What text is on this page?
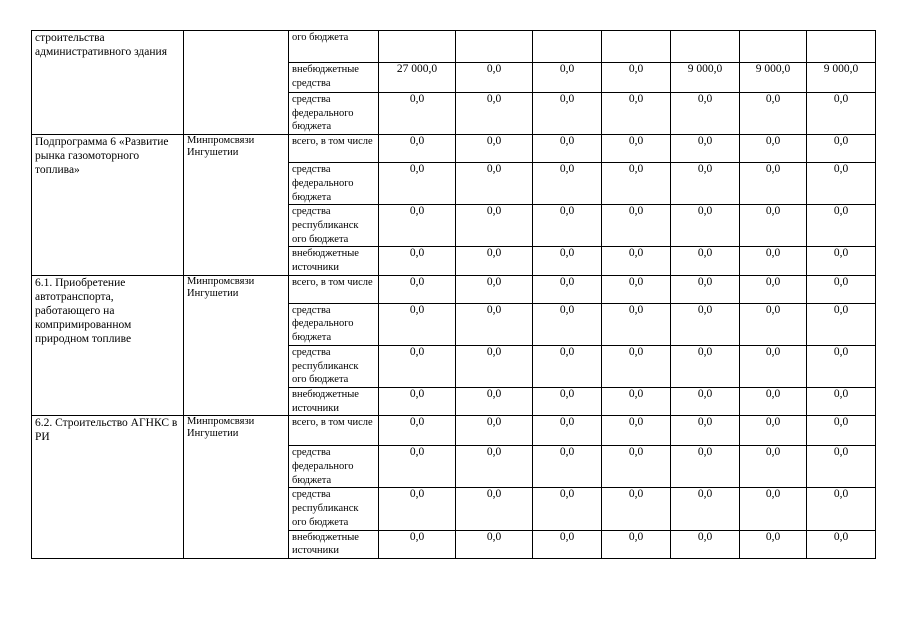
строительства административного здания		ого бюджета							
		внебюджетные средства	27 000,0	0,0	0,0	0,0	9 000,0	9 000,0	9 000,0
		средства федерального бюджета	0,0	0,0	0,0	0,0	0,0	0,0	0,0
Подпрограмма 6 «Развитие рынка газомоторного топлива»	Минпромсвязи Ингушетии	всего, в том числе	0,0	0,0	0,0	0,0	0,0	0,0	0,0
		средства федерального бюджета	0,0	0,0	0,0	0,0	0,0	0,0	0,0
		средства республиканск ого бюджета	0,0	0,0	0,0	0,0	0,0	0,0	0,0
		внебюджетные источники	0,0	0,0	0,0	0,0	0,0	0,0	0,0
6.1. Приобретение автотранспорта, работающего на компримированном природном топливе	Минпромсвязи Ингушетии	всего, в том числе	0,0	0,0	0,0	0,0	0,0	0,0	0,0
		средства федерального бюджета	0,0	0,0	0,0	0,0	0,0	0,0	0,0
		средства республиканск ого бюджета	0,0	0,0	0,0	0,0	0,0	0,0	0,0
		внебюджетные источники	0,0	0,0	0,0	0,0	0,0	0,0	0,0
6.2. Строительство АГНКС в РИ	Минпромсвязи Ингушетии	всего, в том числе	0,0	0,0	0,0	0,0	0,0	0,0	0,0
		средства федерального бюджета	0,0	0,0	0,0	0,0	0,0	0,0	0,0
		средства республиканск ого бюджета	0,0	0,0	0,0	0,0	0,0	0,0	0,0
		внебюджетные источники	0,0	0,0	0,0	0,0	0,0	0,0	0,0
